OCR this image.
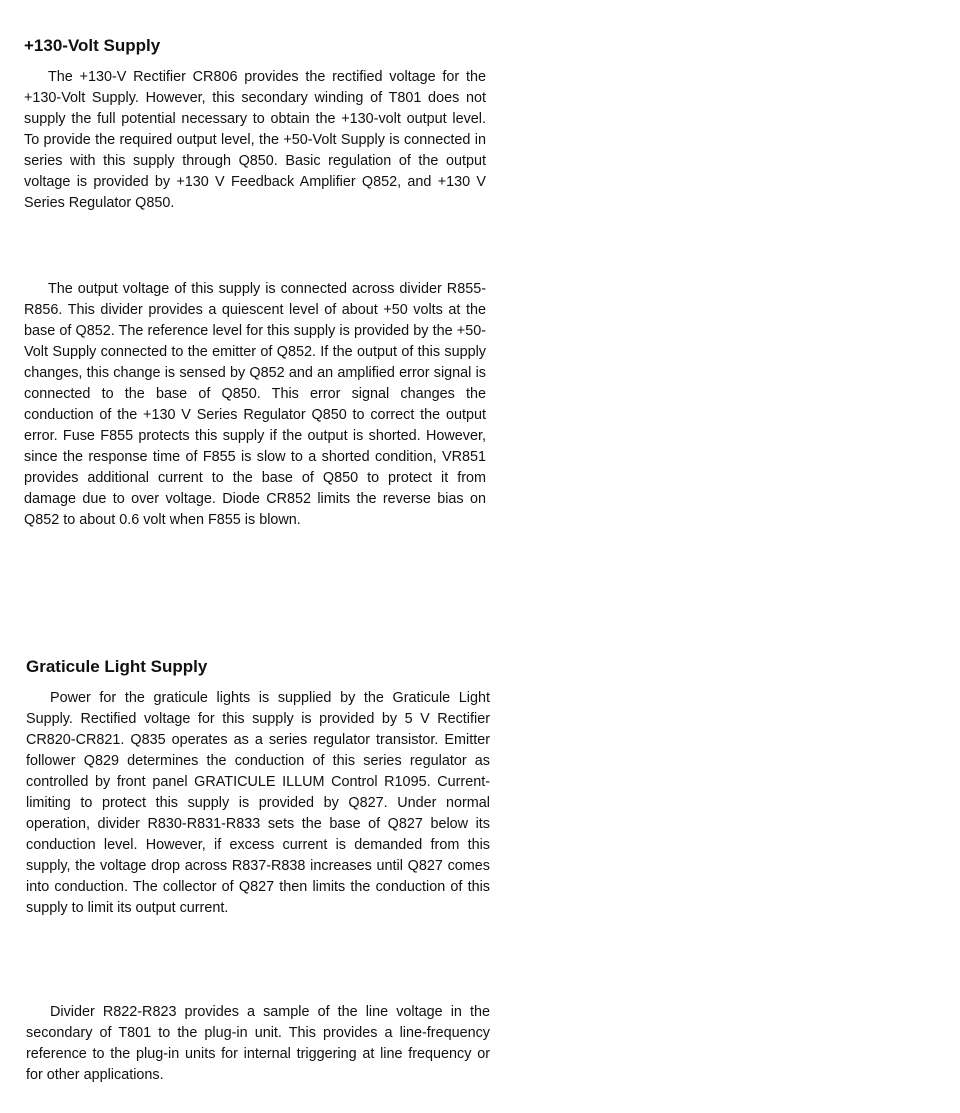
+130-Volt Supply

The +130-V Rectifier CR806 provides the rectified voltage for the +130-Volt Supply. However, this secondary winding of T801 does not supply the full potential necessary to obtain the +130-volt output level. To provide the required output level, the +50-Volt Supply is connected in series with this supply through Q850. Basic regulation of the output voltage is provided by +130 V Feedback Amplifier Q852, and +130 V Series Regulator Q850.

The output voltage of this supply is connected across divider R855-R856. This divider provides a quiescent level of about +50 volts at the base of Q852. The reference level for this supply is provided by the +50-Volt Supply connected to the emitter of Q852. If the output of this supply changes, this change is sensed by Q852 and an amplified error signal is connected to the base of Q850. This error signal changes the conduction of the +130 V Series Regulator Q850 to correct the output error. Fuse F855 protects this supply if the output is shorted. However, since the response time of F855 is slow to a shorted condition, VR851 provides additional current to the base of Q850 to protect it from damage due to over voltage. Diode CR852 limits the reverse bias on Q852 to about 0.6 volt when F855 is blown.

Graticule Light Supply

Power for the graticule lights is supplied by the Graticule Light Supply. Rectified voltage for this supply is provided by 5 V Rectifier CR820-CR821. Q835 operates as a series regulator transistor. Emitter follower Q829 determines the conduction of this series regulator as controlled by front panel GRATICULE ILLUM Control R1095. Current-limiting to protect this supply is provided by Q827. Under normal operation, divider R830-R831-R833 sets the base of Q827 below its conduction level. However, if excess current is demanded from this supply, the voltage drop across R837-R838 increases until Q827 comes into conduction. The collector of Q827 then limits the conduction of this supply to limit its output current.

Divider R822-R823 provides a sample of the line voltage in the secondary of T801 to the plug-in unit. This provides a line-frequency reference to the plug-in units for internal triggering at line frequency or for other applications.
